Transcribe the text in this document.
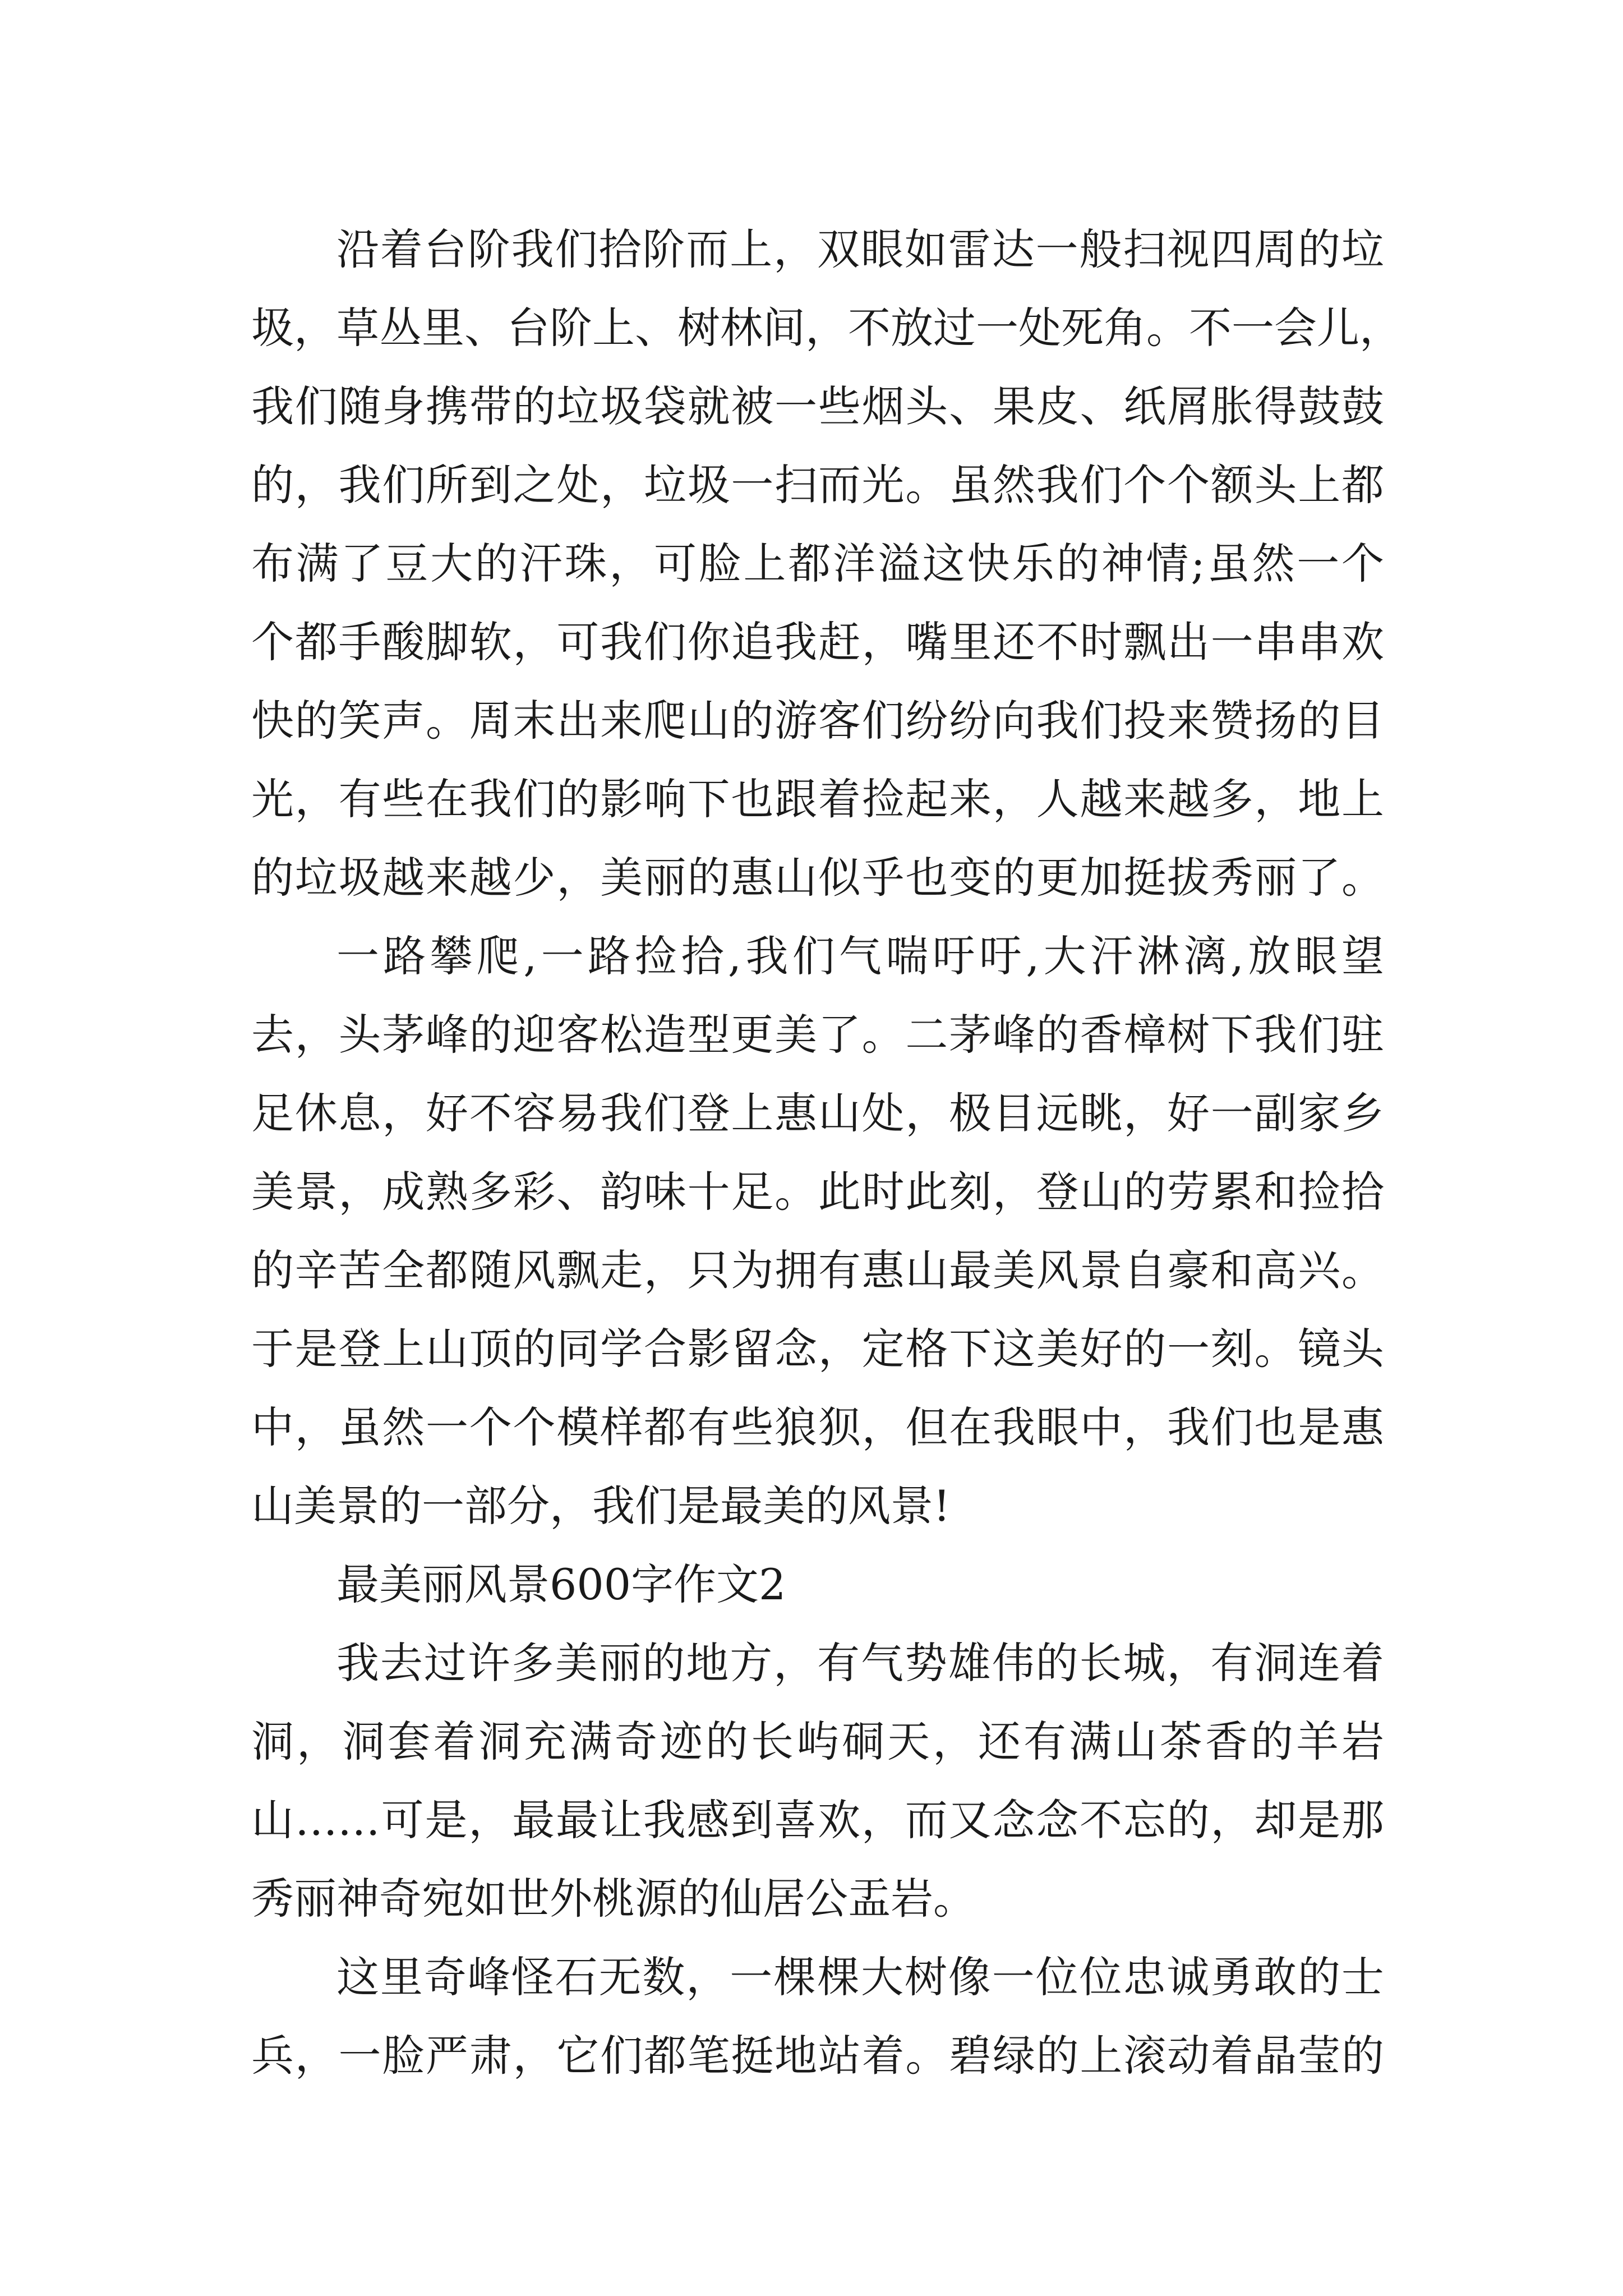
沿着台阶我们拾阶而上，双眼如雷达一般扫视四周的垃
圾，草丛里、台阶上、树林间，不放过一处死角。不一会儿，
我们随身携带的垃圾袋就被一些烟头、果皮、纸屑胀得鼓鼓
的，我们所到之处，垃圾一扫而光。虽然我们个个额头上都
布满了豆大的汗珠，可脸上都洋溢这快乐的神情;虽然一个
个都手酸脚软，可我们你追我赶，嘴里还不时飘出一串串欢
快的笑声。周末出来爬山的游客们纷纷向我们投来赞扬的目
光，有些在我们的影响下也跟着捡起来，人越来越多，地上
的垃圾越来越少，美丽的惠山似乎也变的更加挺拔秀丽了。
一路攀爬,一路捡拾,我们气喘吁吁,大汗淋漓,放眼望
去，头茅峰的迎客松造型更美了。二茅峰的香樟树下我们驻
足休息，好不容易我们登上惠山处，极目远眺，好一副家乡
美景，成熟多彩、韵味十足。此时此刻，登山的劳累和捡拾
的辛苦全都随风飘走，只为拥有惠山最美风景自豪和高兴。
于是登上山顶的同学合影留念，定格下这美好的一刻。镜头
中，虽然一个个模样都有些狼狈，但在我眼中，我们也是惠
山美景的一部分，我们是最美的风景!
最美丽风景600字作文2
我去过许多美丽的地方，有气势雄伟的长城，有洞连着
洞，洞套着洞充满奇迹的长屿硐天，还有满山茶香的羊岩
山……可是，最最让我感到喜欢，而又念念不忘的，却是那
秀丽神奇宛如世外桃源的仙居公盂岩。
这里奇峰怪石无数，一棵棵大树像一位位忠诚勇敢的士
兵，一脸严肃，它们都笔挺地站着。碧绿的上滚动着晶莹的
